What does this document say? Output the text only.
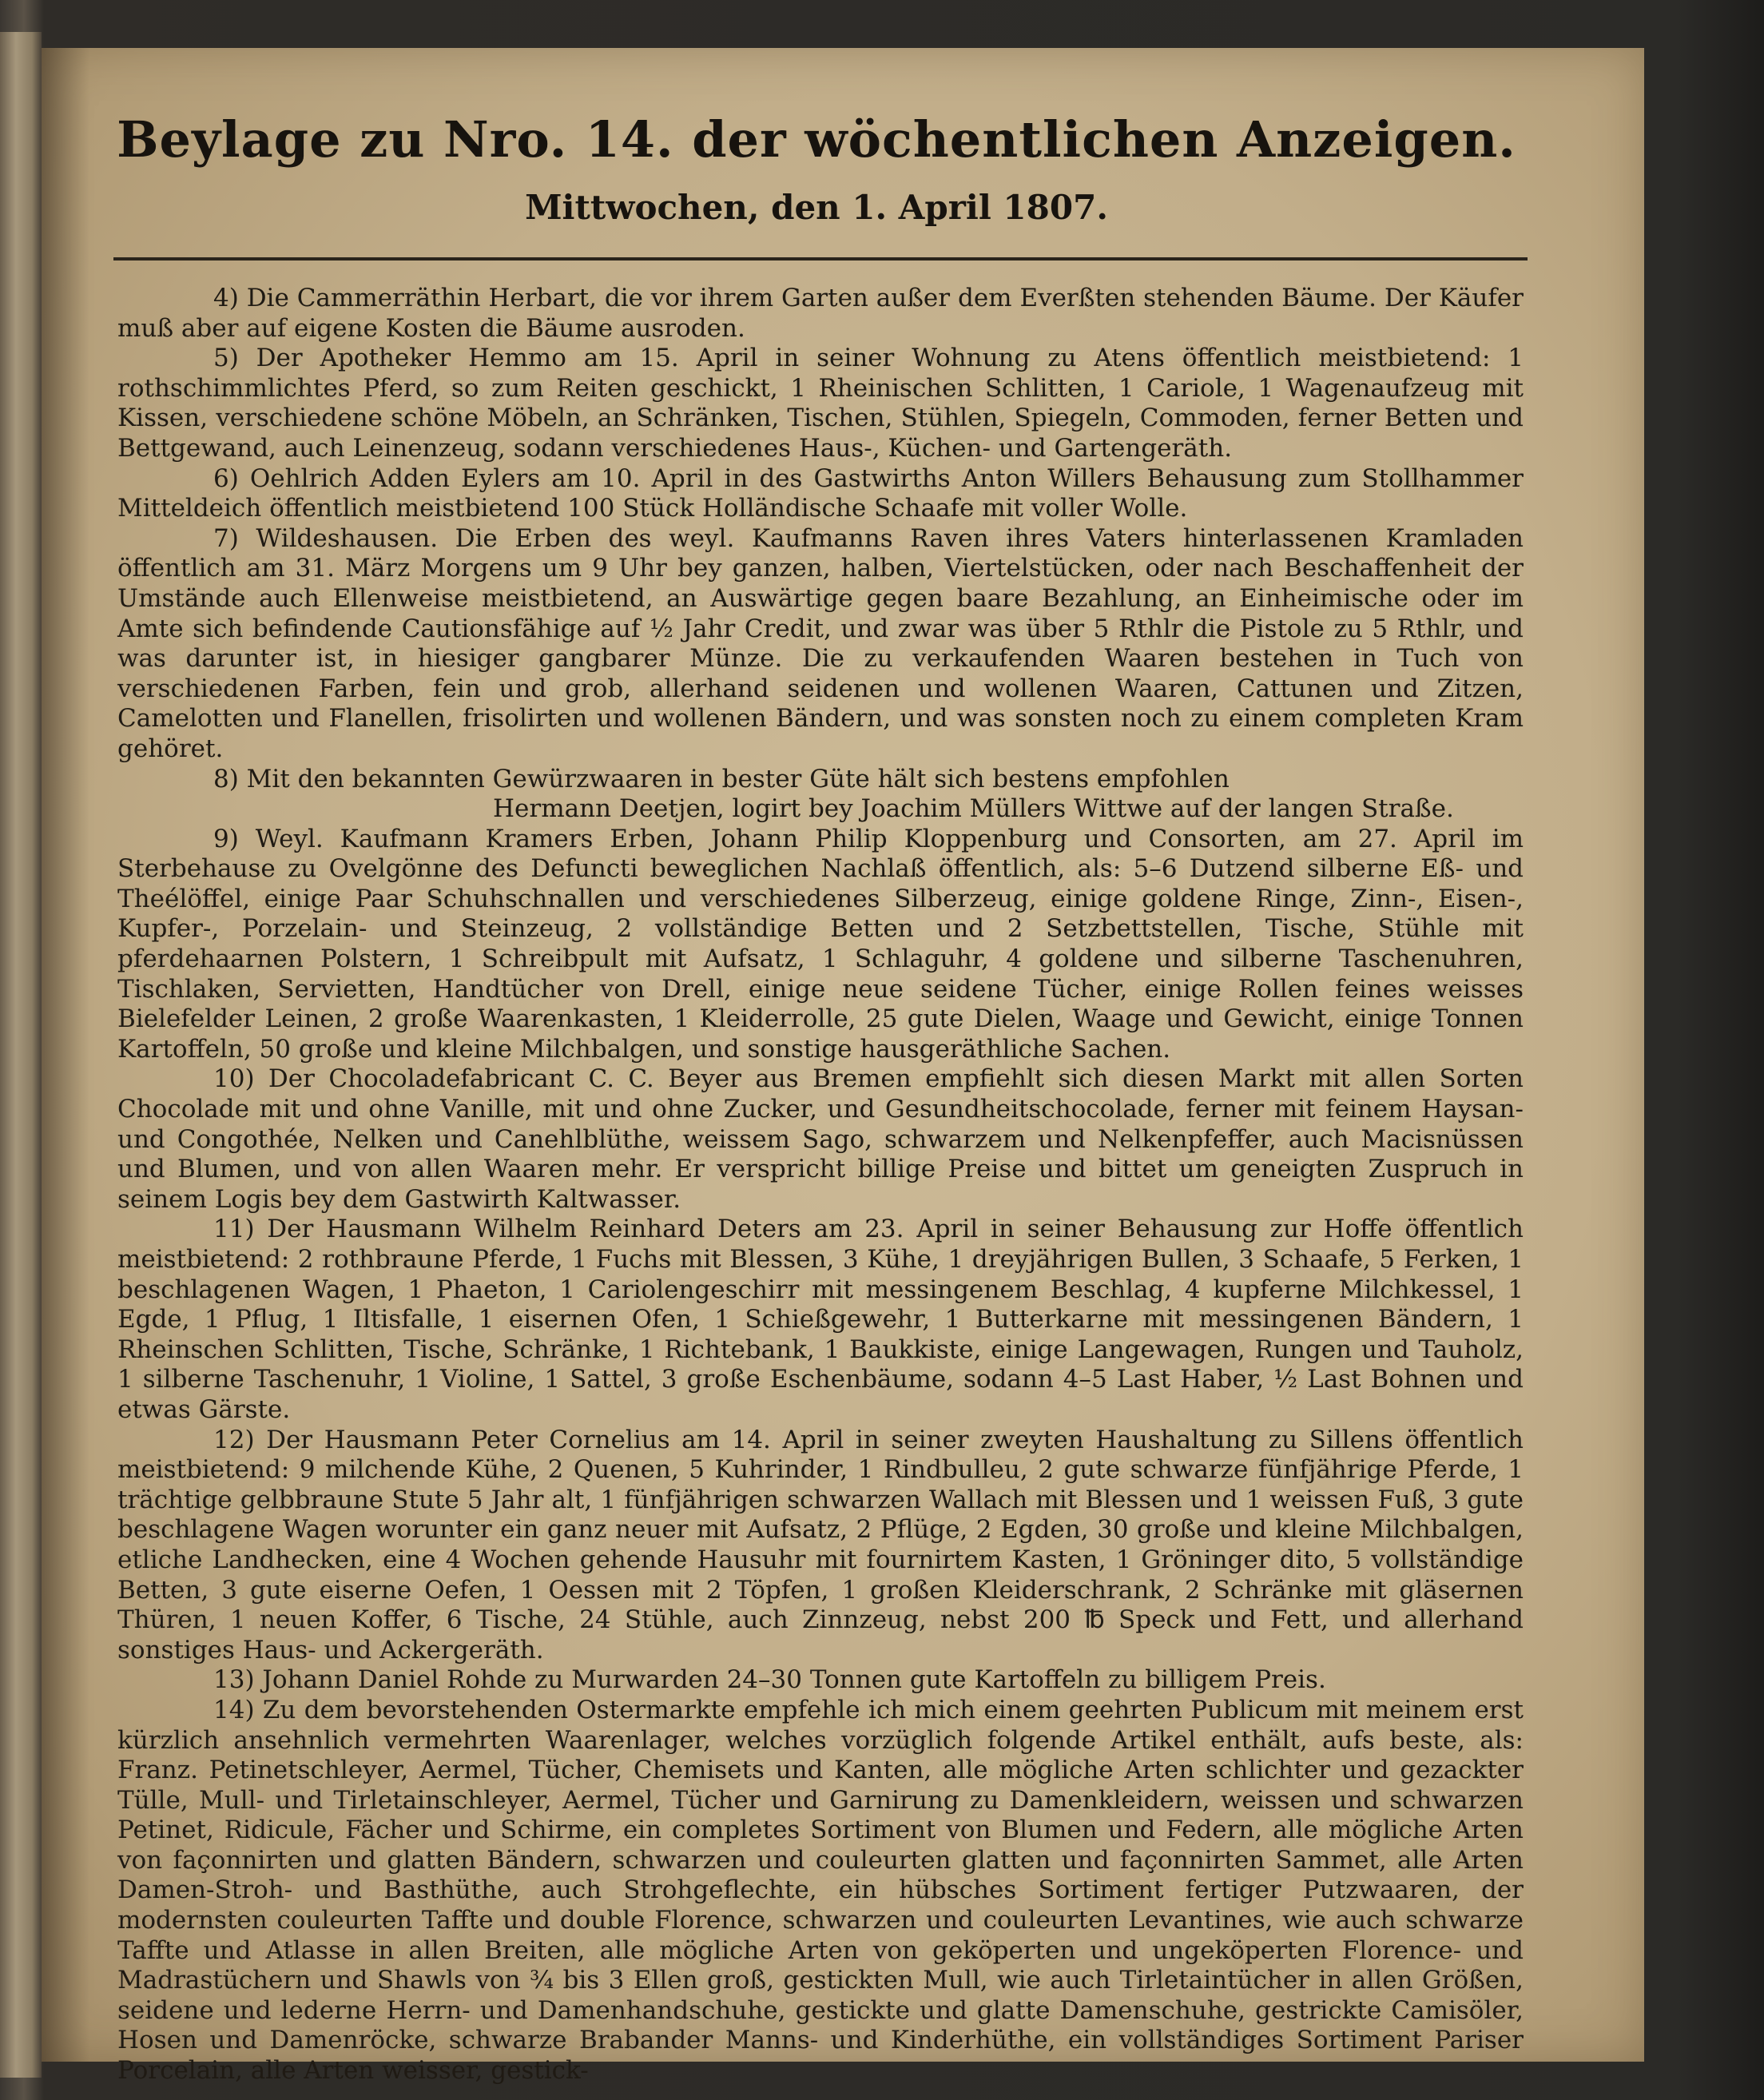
Beylage zu Nro. 14. der wöchentlichen Anzeigen.
Mittwochen, den 1. April 1807.

4) Die Cammerräthin Herbart, die vor ihrem Garten außer dem Everßten stehenden Bäume. Der Käufer muß aber auf eigene Kosten die Bäume ausroden.

5) Der Apotheker Hemmo am 15. April in seiner Wohnung zu Atens öffentlich meistbietend: 1 rothschimmlichtes Pferd, so zum Reiten geschickt, 1 Rheinischen Schlitten, 1 Cariole, 1 Wagenaufzeug mit Kissen, verschiedene schöne Möbeln, an Schränken, Tischen, Stühlen, Spiegeln, Commoden, ferner Betten und Bettgewand, auch Leinenzeug, sodann verschiedenes Haus-, Küchen- und Gartengeräth.

6) Oehlrich Adden Eylers am 10. April in des Gastwirths Anton Willers Behausung zum Stollhammer Mitteldeich öffentlich meistbietend 100 Stück Holländische Schaafe mit voller Wolle.

7) Wildeshausen. Die Erben des weyl. Kaufmanns Raven ihres Vaters hinterlassenen Kramladen öffentlich am 31. März Morgens um 9 Uhr bey ganzen, halben, Viertelstücken, oder nach Beschaffenheit der Umstände auch Ellenweise meistbietend, an Auswärtige gegen baare Bezahlung, an Einheimische oder im Amte sich befindende Cautionsfähige auf ½ Jahr Credit, und zwar was über 5 Rthlr die Pistole zu 5 Rthlr, und was darunter ist, in hiesiger gangbarer Münze. Die zu verkaufenden Waaren bestehen in Tuch von verschiedenen Farben, fein und grob, allerhand seidenen und wollenen Waaren, Cattunen und Zitzen, Camelotten und Flanellen, frisolirten und wollenen Bändern, und was sonsten noch zu einem completen Kram gehöret.

8) Mit den bekannten Gewürzwaaren in bester Güte hält sich bestens empfohlen

Hermann Deetjen, logirt bey Joachim Müllers Wittwe auf der langen Straße.

9) Weyl. Kaufmann Kramers Erben, Johann Philip Kloppenburg und Consorten, am 27. April im Sterbehause zu Ovelgönne des Defuncti beweglichen Nachlaß öffentlich, als: 5–6 Dutzend silberne Eß- und Theélöffel, einige Paar Schuhschnallen und verschiedenes Silberzeug, einige goldene Ringe, Zinn-, Eisen-, Kupfer-, Porzelain- und Steinzeug, 2 vollständige Betten und 2 Setzbettstellen, Tische, Stühle mit pferdehaarnen Polstern, 1 Schreibpult mit Aufsatz, 1 Schlaguhr, 4 goldene und silberne Taschenuhren, Tischlaken, Servietten, Handtücher von Drell, einige neue seidene Tücher, einige Rollen feines weisses Bielefelder Leinen, 2 große Waarenkasten, 1 Kleiderrolle, 25 gute Dielen, Waage und Gewicht, einige Tonnen Kartoffeln, 50 große und kleine Milchbalgen, und sonstige hausgeräthliche Sachen.

10) Der Chocoladefabricant C. C. Beyer aus Bremen empfiehlt sich diesen Markt mit allen Sorten Chocolade mit und ohne Vanille, mit und ohne Zucker, und Gesundheitschocolade, ferner mit feinem Haysan- und Congothée, Nelken und Canehlblüthe, weissem Sago, schwarzem und Nelkenpfeffer, auch Macisnüssen und Blumen, und von allen Waaren mehr. Er verspricht billige Preise und bittet um geneigten Zuspruch in seinem Logis bey dem Gastwirth Kaltwasser.

11) Der Hausmann Wilhelm Reinhard Deters am 23. April in seiner Behausung zur Hoffe öffentlich meistbietend: 2 rothbraune Pferde, 1 Fuchs mit Blessen, 3 Kühe, 1 dreyjährigen Bullen, 3 Schaafe, 5 Ferken, 1 beschlagenen Wagen, 1 Phaeton, 1 Cariolengeschirr mit messingenem Beschlag, 4 kupferne Milchkessel, 1 Egde, 1 Pflug, 1 Iltisfalle, 1 eisernen Ofen, 1 Schießgewehr, 1 Butterkarne mit messingenen Bändern, 1 Rheinschen Schlitten, Tische, Schränke, 1 Richtebank, 1 Baukkiste, einige Langewagen, Rungen und Tauholz, 1 silberne Taschenuhr, 1 Violine, 1 Sattel, 3 große Eschenbäume, sodann 4–5 Last Haber, ½ Last Bohnen und etwas Gärste.

12) Der Hausmann Peter Cornelius am 14. April in seiner zweyten Haushaltung zu Sillens öffentlich meistbietend: 9 milchende Kühe, 2 Quenen, 5 Kuhrinder, 1 Rindbulleu, 2 gute schwarze fünfjährige Pferde, 1 trächtige gelbbraune Stute 5 Jahr alt, 1 fünfjährigen schwarzen Wallach mit Blessen und 1 weissen Fuß, 3 gute beschlagene Wagen worunter ein ganz neuer mit Aufsatz, 2 Pflüge, 2 Egden, 30 große und kleine Milchbalgen, etliche Landhecken, eine 4 Wochen gehende Hausuhr mit fournirtem Kasten, 1 Gröninger dito, 5 vollständige Betten, 3 gute eiserne Oefen, 1 Oessen mit 2 Töpfen, 1 großen Kleiderschrank, 2 Schränke mit gläsernen Thüren, 1 neuen Koffer, 6 Tische, 24 Stühle, auch Zinnzeug, nebst 200 ℔ Speck und Fett, und allerhand sonstiges Haus- und Ackergeräth.

13) Johann Daniel Rohde zu Murwarden 24–30 Tonnen gute Kartoffeln zu billigem Preis.

14) Zu dem bevorstehenden Ostermarkte empfehle ich mich einem geehrten Publicum mit meinem erst kürzlich ansehnlich vermehrten Waarenlager, welches vorzüglich folgende Artikel enthält, aufs beste, als: Franz. Petinetschleyer, Aermel, Tücher, Chemisets und Kanten, alle mögliche Arten schlichter und gezackter Tülle, Mull- und Tirletainschleyer, Aermel, Tücher und Garnirung zu Damenkleidern, weissen und schwarzen Petinet, Ridicule, Fächer und Schirme, ein completes Sortiment von Blumen und Federn, alle mögliche Arten von façonnirten und glatten Bändern, schwarzen und coulеurten glatten und façonnirten Sammet, alle Arten Damen-Stroh- und Basthüthe, auch Strohgeflechte, ein hübsches Sortiment fertiger Putzwaaren, der modernsten couleurten Taffte und double Florence, schwarzen und couleurten Levantines, wie auch schwarze Taffte und Atlasse in allen Breiten, alle mögliche Arten von geköperten und ungeköperten Florence- und Madrastüchern und Shawls von ¾ bis 3 Ellen groß, gestickten Mull, wie auch Tirletaintücher in allen Größen, seidene und lederne Herrn- und Damenhandschuhe, gestickte und glatte Damenschuhe, gestrickte Camisöler, Hosen und Damenröcke, schwarze Brabander Manns- und Kinderhüthe, ein vollständiges Sortiment Pariser Porcelain, alle Arten weisser, gestick-
